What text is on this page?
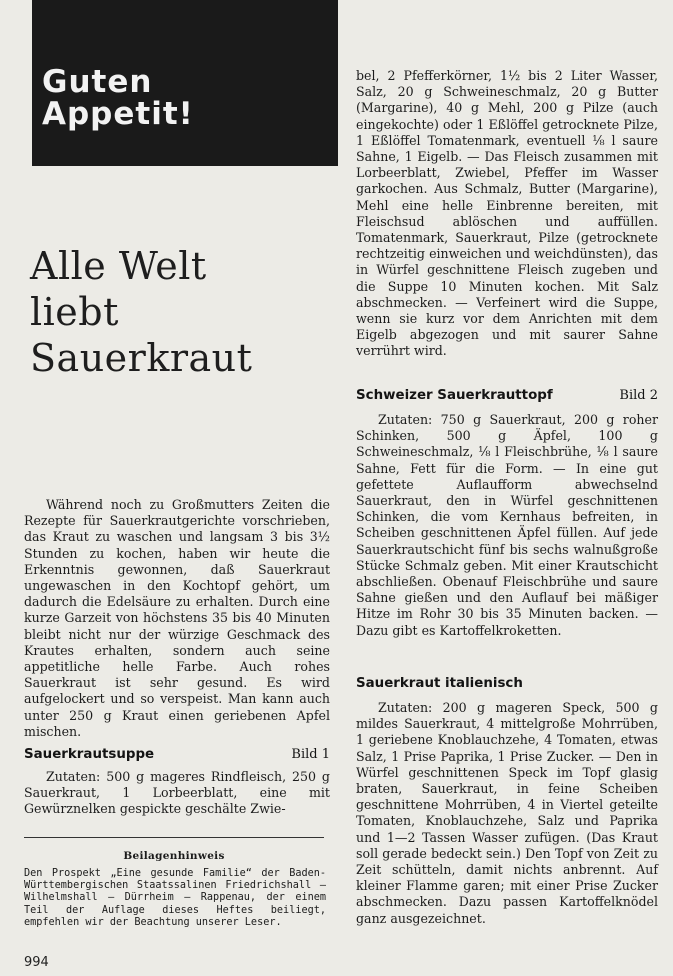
Guten
Appetit!
Alle Welt
liebt
Sauerkraut

Während noch zu Großmutters Zeiten die Rezepte für Sauerkrautgerichte vorschrieben, das Kraut zu waschen und langsam 3 bis 3½ Stunden zu kochen, haben wir heute die Erkenntnis gewonnen, daß Sauerkraut ungewaschen in den Kochtopf gehört, um dadurch die Edelsäure zu erhalten. Durch eine kurze Garzeit von höchstens 35 bis 40 Minuten bleibt nicht nur der würzige Geschmack des Krautes erhalten, sondern auch seine appetitliche helle Farbe. Auch rohes Sauerkraut ist sehr gesund. Es wird aufgelockert und so verspeist. Man kann auch unter 250 g Kraut einen geriebenen Apfel mischen.

Sauerkrautsuppe	Bild 1

Zutaten: 500 g mageres Rindfleisch, 250 g Sauerkraut, 1 Lorbeerblatt, eine mit Gewürznelken gespickte geschälte Zwie-

Beilagenhinweis

Den Prospekt „Eine gesunde Familie“ der Baden-Württembergischen Staatssalinen Friedrichshall — Wilhelmshall — Dürrheim — Rappenau, der einem Teil der Auflage dieses Heftes beiliegt, empfehlen wir der Beachtung unserer Leser.

994

bel, 2 Pfefferkörner, 1½ bis 2 Liter Wasser, Salz, 20 g Schweineschmalz, 20 g Butter (Margarine), 40 g Mehl, 200 g Pilze (auch eingekochte) oder 1 Eßlöffel getrocknete Pilze, 1 Eßlöffel Tomatenmark, eventuell ⅛ l saure Sahne, 1 Eigelb. — Das Fleisch zusammen mit Lorbeerblatt, Zwiebel, Pfeffer im Wasser garkochen. Aus Schmalz, Butter (Margarine), Mehl eine helle Einbrenne bereiten, mit Fleischsud ablöschen und auffüllen. Tomatenmark, Sauerkraut, Pilze (getrocknete rechtzeitig einweichen und weichdünsten), das in Würfel geschnittene Fleisch zugeben und die Suppe 10 Minuten kochen. Mit Salz abschmecken. — Verfeinert wird die Suppe, wenn sie kurz vor dem Anrichten mit dem Eigelb abgezogen und mit saurer Sahne verrührt wird.

Schweizer Sauerkrauttopf	Bild 2

Zutaten: 750 g Sauerkraut, 200 g roher Schinken, 500 g Äpfel, 100 g Schweineschmalz, ⅛ l Fleischbrühe, ⅛ l saure Sahne, Fett für die Form. — In eine gut gefettete Auflaufform abwechselnd Sauerkraut, den in Würfel geschnittenen Schinken, die vom Kernhaus befreiten, in Scheiben geschnittenen Äpfel füllen. Auf jede Sauerkrautschicht fünf bis sechs walnußgroße Stücke Schmalz geben. Mit einer Krautschicht abschließen. Obenauf Fleischbrühe und saure Sahne gießen und den Auflauf bei mäßiger Hitze im Rohr 30 bis 35 Minuten backen. — Dazu gibt es Kartoffelkroketten.

Sauerkraut italienisch

Zutaten: 200 g mageren Speck, 500 g mildes Sauerkraut, 4 mittelgroße Mohrrüben, 1 geriebene Knoblauchzehe, 4 Tomaten, etwas Salz, 1 Prise Paprika, 1 Prise Zucker. — Den in Würfel geschnittenen Speck im Topf glasig braten, Sauerkraut, in feine Scheiben geschnittene Mohrrüben, 4 in Viertel geteilte Tomaten, Knoblauchzehe, Salz und Paprika und 1—2 Tassen Wasser zufügen. (Das Kraut soll gerade bedeckt sein.) Den Topf von Zeit zu Zeit schütteln, damit nichts anbrennt. Auf kleiner Flamme garen; mit einer Prise Zucker abschmecken. Dazu passen Kartoffelknödel ganz ausgezeichnet.
